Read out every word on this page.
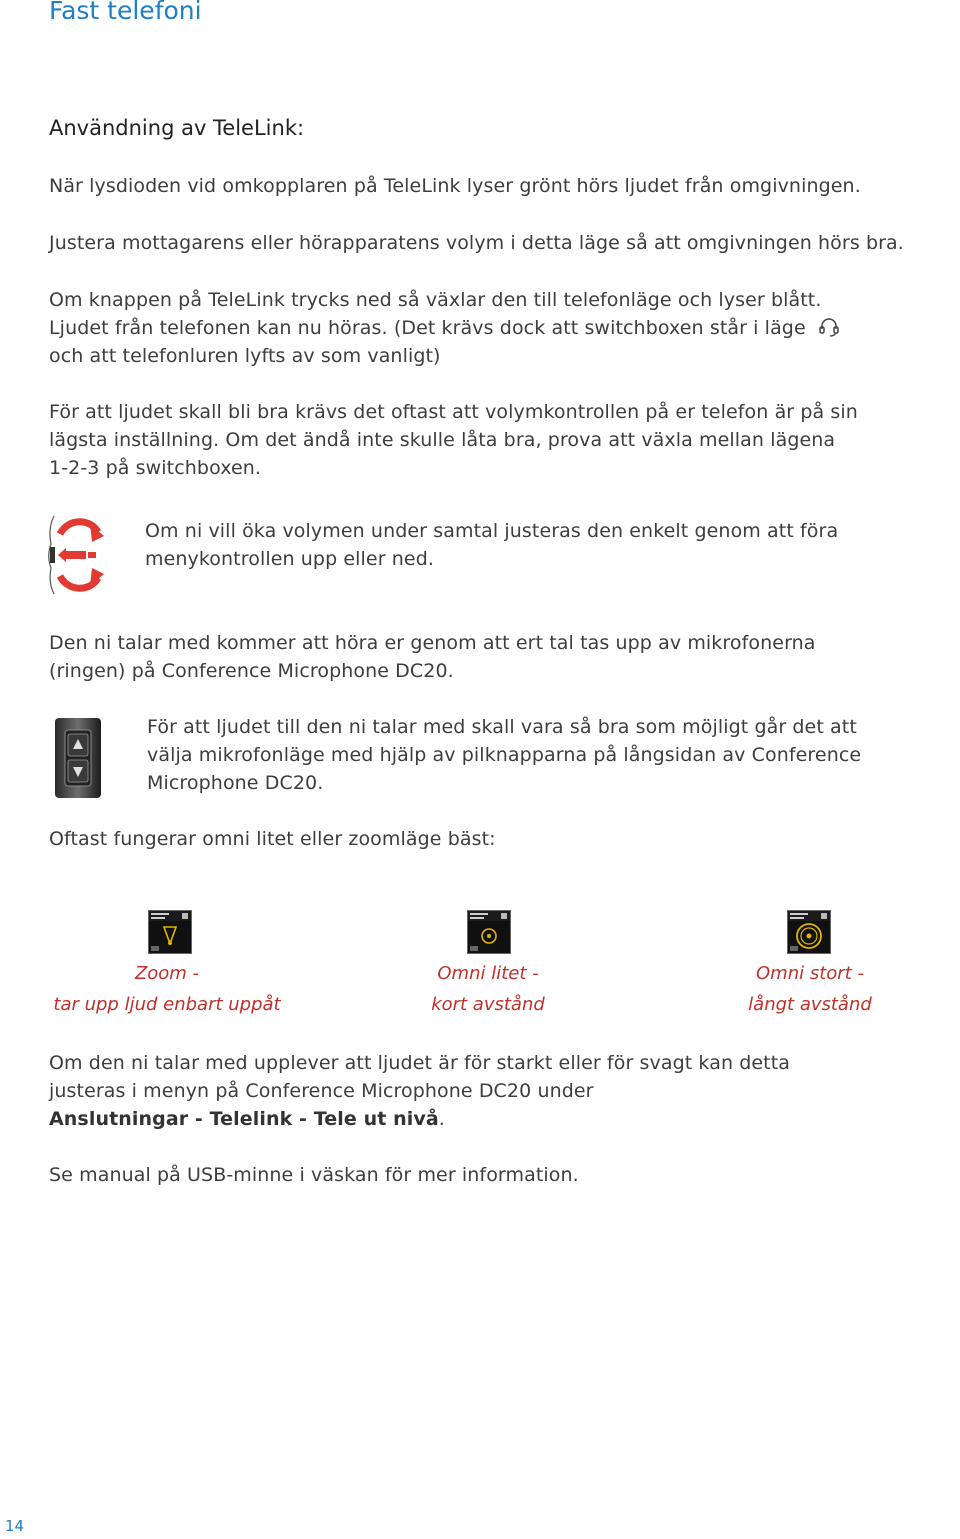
Fast telefoni
Användning av TeleLink:
När lysdioden vid omkopplaren på TeleLink lyser grönt hörs ljudet från omgivningen.
Justera mottagarens eller hörapparatens volym i detta läge så att omgivningen hörs bra.
Om knappen på TeleLink trycks ned så växlar den till telefonläge och lyser blått.
Ljudet från telefonen kan nu höras. (Det krävs dock att switchboxen står i läge
och att telefonluren lyfts av som vanligt)
För att ljudet skall bli bra krävs det oftast att volymkontrollen på er telefon är på sin
lägsta inställning. Om det ändå inte skulle låta bra, prova att växla mellan lägena
1-2-3 på switchboxen.
Om ni vill öka volymen under samtal justeras den enkelt genom att föra
menykontrollen upp eller ned.
Den ni talar med kommer att höra er genom att ert tal tas upp av mikrofonerna
(ringen) på Conference Microphone DC20.
För att ljudet till den ni talar med skall vara så bra som möjligt går det att
välja mikrofonläge med hjälp av pilknapparna på långsidan av Conference
Microphone DC20.
Oftast fungerar omni litet eller zoomläge bäst:
Zoom -
tar upp ljud enbart uppåt
Omni litet -
kort avstånd
Omni stort -
långt avstånd
Om den ni talar med upplever att ljudet är för starkt eller för svagt kan detta
justeras i menyn på Conference Microphone DC20 under
Anslutningar - Telelink - Tele ut nivå.
Se manual på USB-minne i väskan för mer information.
14
